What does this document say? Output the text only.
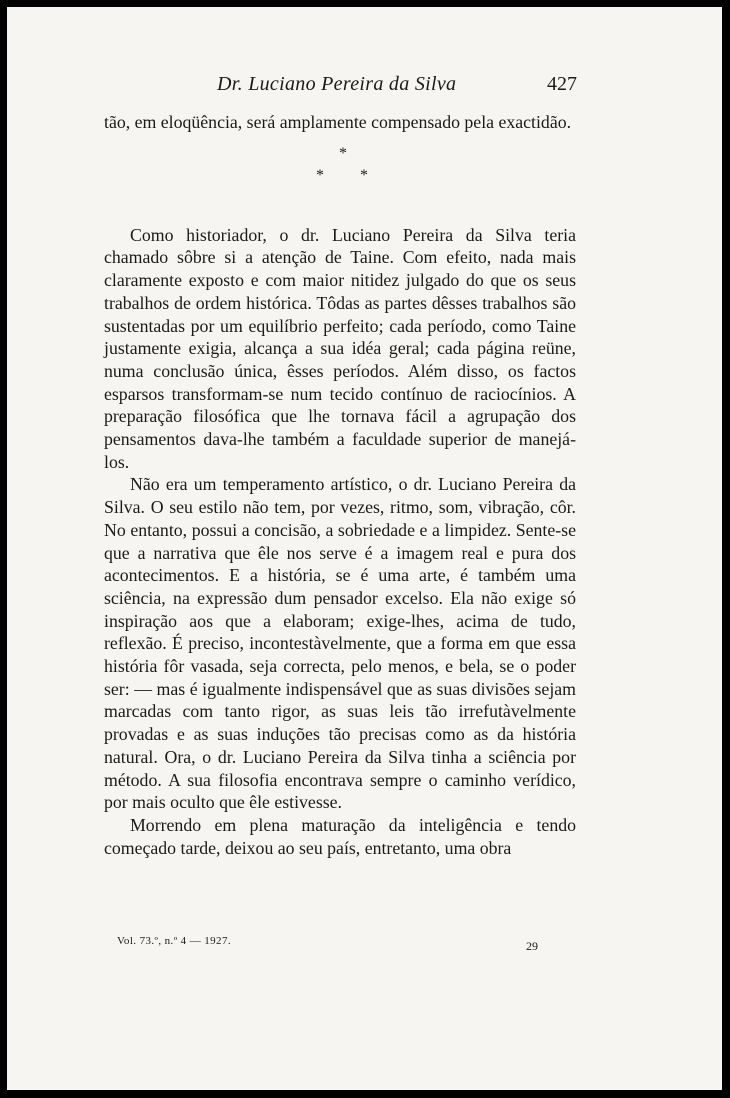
Dr. Luciano Pereira da Silva	427

tão, em eloqüência, será amplamente compensado pela exactidão.

*
* *

Como historiador, o dr. Luciano Pereira da Silva teria chamado sôbre si a atenção de Taine. Com efeito, nada mais claramente exposto e com maior nitidez julgado do que os seus trabalhos de ordem histórica. Tôdas as partes dêsses trabalhos são sustentadas por um equilíbrio perfeito; cada período, como Taine justamente exigia, alcança a sua idéa geral; cada página reüne, numa conclusão única, êsses períodos. Além disso, os factos esparsos transformam-se num tecido contínuo de raciocínios. A preparação filosófica que lhe tornava fácil a agrupação dos pensamentos dava-lhe também a faculdade superior de manejá-los.

Não era um temperamento artístico, o dr. Luciano Pereira da Silva. O seu estilo não tem, por vezes, ritmo, som, vibração, côr. No entanto, possui a concisão, a sobriedade e a limpidez. Sente-se que a narrativa que êle nos serve é a imagem real e pura dos acontecimentos. E a história, se é uma arte, é também uma sciência, na expressão dum pensador excelso. Ela não exige só inspiração aos que a elaboram; exige-lhes, acima de tudo, reflexão. É preciso, incontestàvelmente, que a forma em que essa história fôr vasada, seja correcta, pelo menos, e bela, se o poder ser: — mas é igualmente indispensável que as suas divisões sejam marcadas com tanto rigor, as suas leis tão irrefutàvelmente provadas e as suas induções tão precisas como as da história natural. Ora, o dr. Luciano Pereira da Silva tinha a sciência por método. A sua filosofia encontrava sempre o caminho verídico, por mais oculto que êle estivesse.

Morrendo em plena maturação da inteligência e tendo começado tarde, deixou ao seu país, entretanto, uma obra

Vol. 73.º, n.º 4 — 1927.	29
